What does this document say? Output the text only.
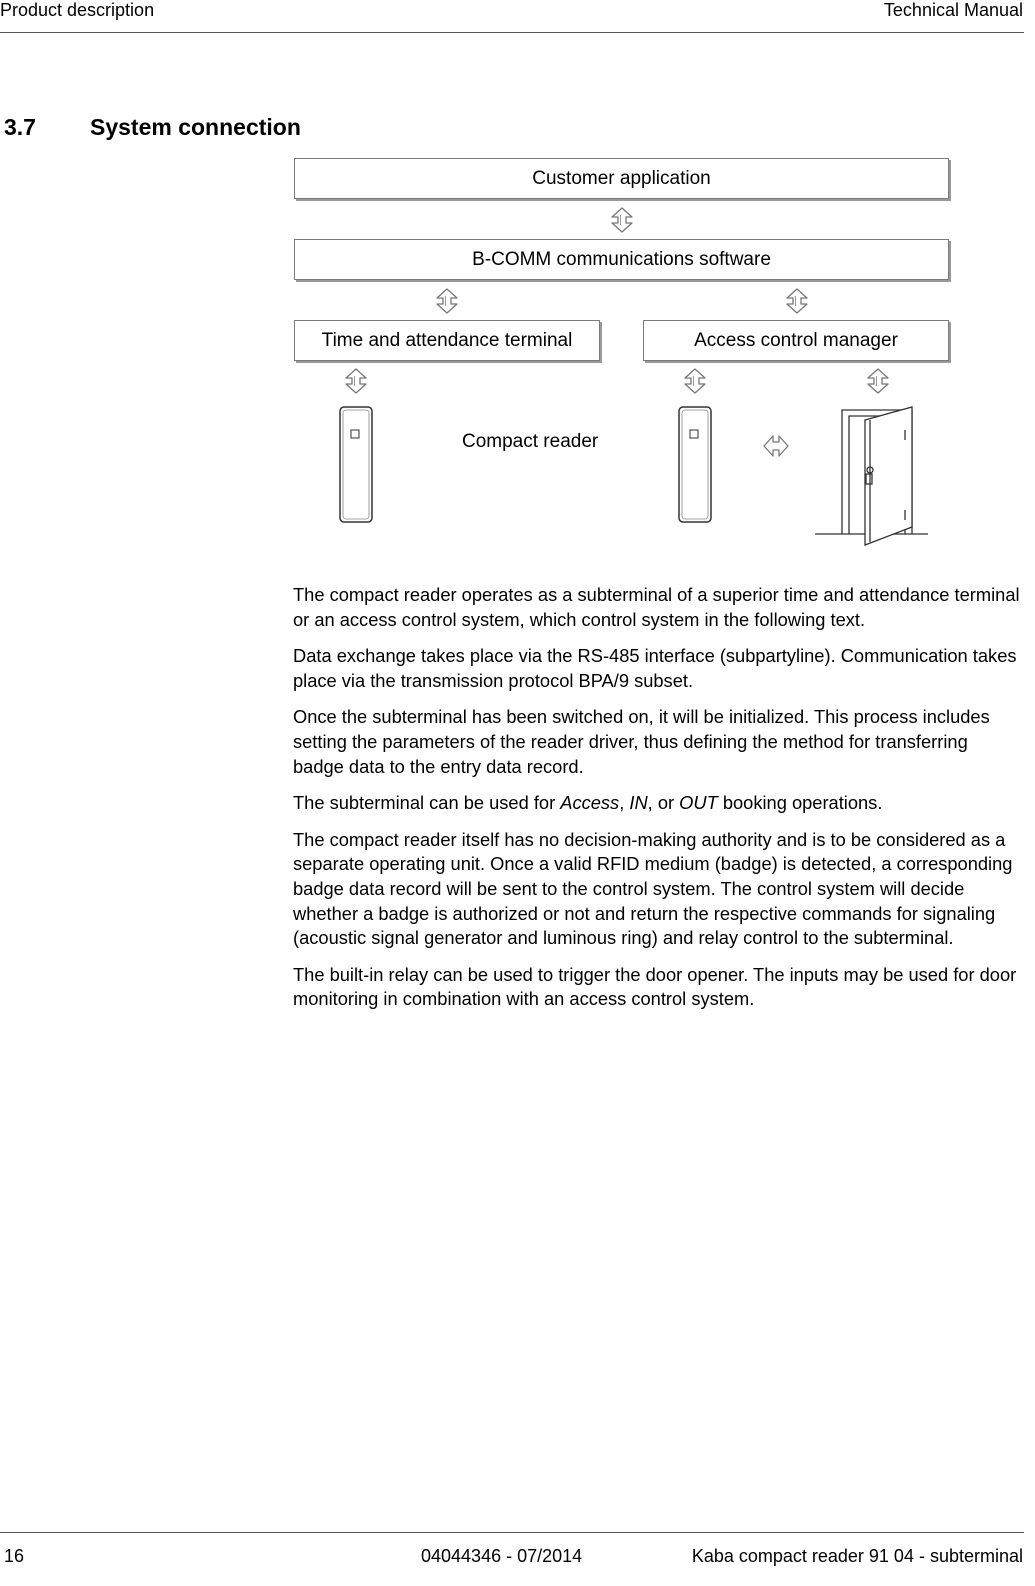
Product description	Technical Manual
3.7 System connection
Customer application
B-COMM communications software
Time and attendance terminal	Access control manager
Compact reader

The compact reader operates as a subterminal of a superior time and attendance terminal or an access control system, which control system in the following text.

Data exchange takes place via the RS-485 interface (subpartyline). Communication takes place via the transmission protocol BPA/9 subset.

Once the subterminal has been switched on, it will be initialized. This process includes setting the parameters of the reader driver, thus defining the method for transferring badge data to the entry data record.

The subterminal can be used for Access, IN, or OUT booking operations.

The compact reader itself has no decision-making authority and is to be considered as a separate operating unit. Once a valid RFID medium (badge) is detected, a corresponding badge data record will be sent to the control system. The control system will decide whether a badge is authorized or not and return the respective commands for signaling (acoustic signal generator and luminous ring) and relay control to the subterminal.

The built-in relay can be used to trigger the door opener. The inputs may be used for door monitoring in combination with an access control system.

16	04044346 - 07/2014	Kaba compact reader 91 04 - subterminal
